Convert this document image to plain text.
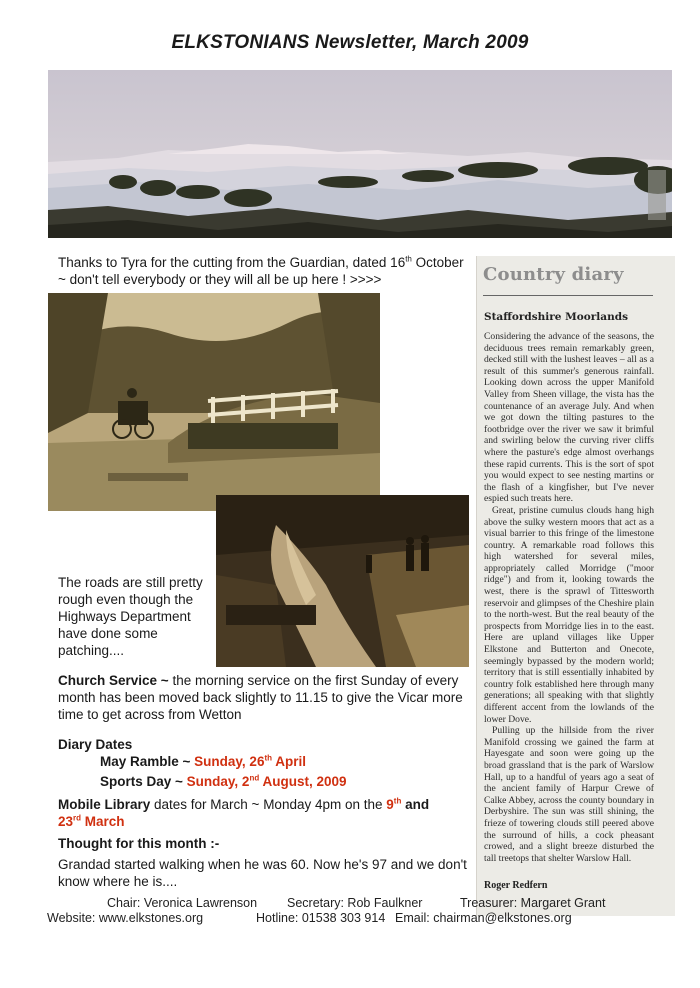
ELKSTONIANS Newsletter, March 2009
Thanks to Tyra for the cutting from the Guardian, dated 16th October ~ don't tell everybody or they will all be up here ! >>>>
The roads are still pretty rough even though the Highways Department have done some patching....
Church Service ~ the morning service on the first Sunday of every month has been moved back slightly to 11.15 to give the Vicar more time to get across from Wetton
Diary Dates
May Ramble ~ Sunday, 26th April
Sports Day ~ Sunday, 2nd August, 2009
Mobile Library dates for March ~ Monday 4pm on the 9th and
23rd March
Thought for this month :-
Grandad started walking when he was 60. Now he's 97 and we don't know where he is....
Country diary
Staffordshire Moorlands

Considering the advance of the seasons, the deciduous trees remain remarkably green, decked still with the lushest leaves – all as a result of this summer's generous rainfall. Looking down across the upper Manifold Valley from Sheen village, the vista has the countenance of an average July. And when we got down the tilting pastures to the footbridge over the river we saw it brimful and swirling below the curving river cliffs where the pasture's edge almost overhangs these rapid currents. This is the sort of spot you would expect to see nesting martins or the flash of a kingfisher, but I've never espied such treats here.

Great, pristine cumulus clouds hang high above the sulky western moors that act as a visual barrier to this fringe of the limestone country. A remarkable road follows this high watershed for several miles, appropriately called Morridge ("moor ridge") and from it, looking towards the west, there is the sprawl of Tittesworth reservoir and glimpses of the Cheshire plain to the north-west. But the real beauty of the prospects from Morridge lies in to the east. Here are upland villages like Upper Elkstone and Butterton and Onecote, seemingly bypassed by the modern world; territory that is still essentially inhabited by country folk established here through many generations; all speaking with that slightly different accent from the lowlands of the lower Dove.

Pulling up the hillside from the river Manifold crossing we gained the farm at Hayesgate and soon were going up the broad grassland that is the park of Warslow Hall, up to a handful of years ago a seat of the ancient family of Harpur Crewe of Calke Abbey, across the county boundary in Derbyshire. The sun was still shining, the frieze of towering clouds still peered above the surround of hills, a cock pheasant crowed, and a slight breeze disturbed the tall treetops that shelter Warslow Hall.

Roger Redfern
Chair: Veronica Lawrenson Secretary: Rob Faulkner	Treasurer: Margaret Grant
Website: www.elkstones.org	Hotline: 01538 303 914 Email: chairman@elkstones.org
